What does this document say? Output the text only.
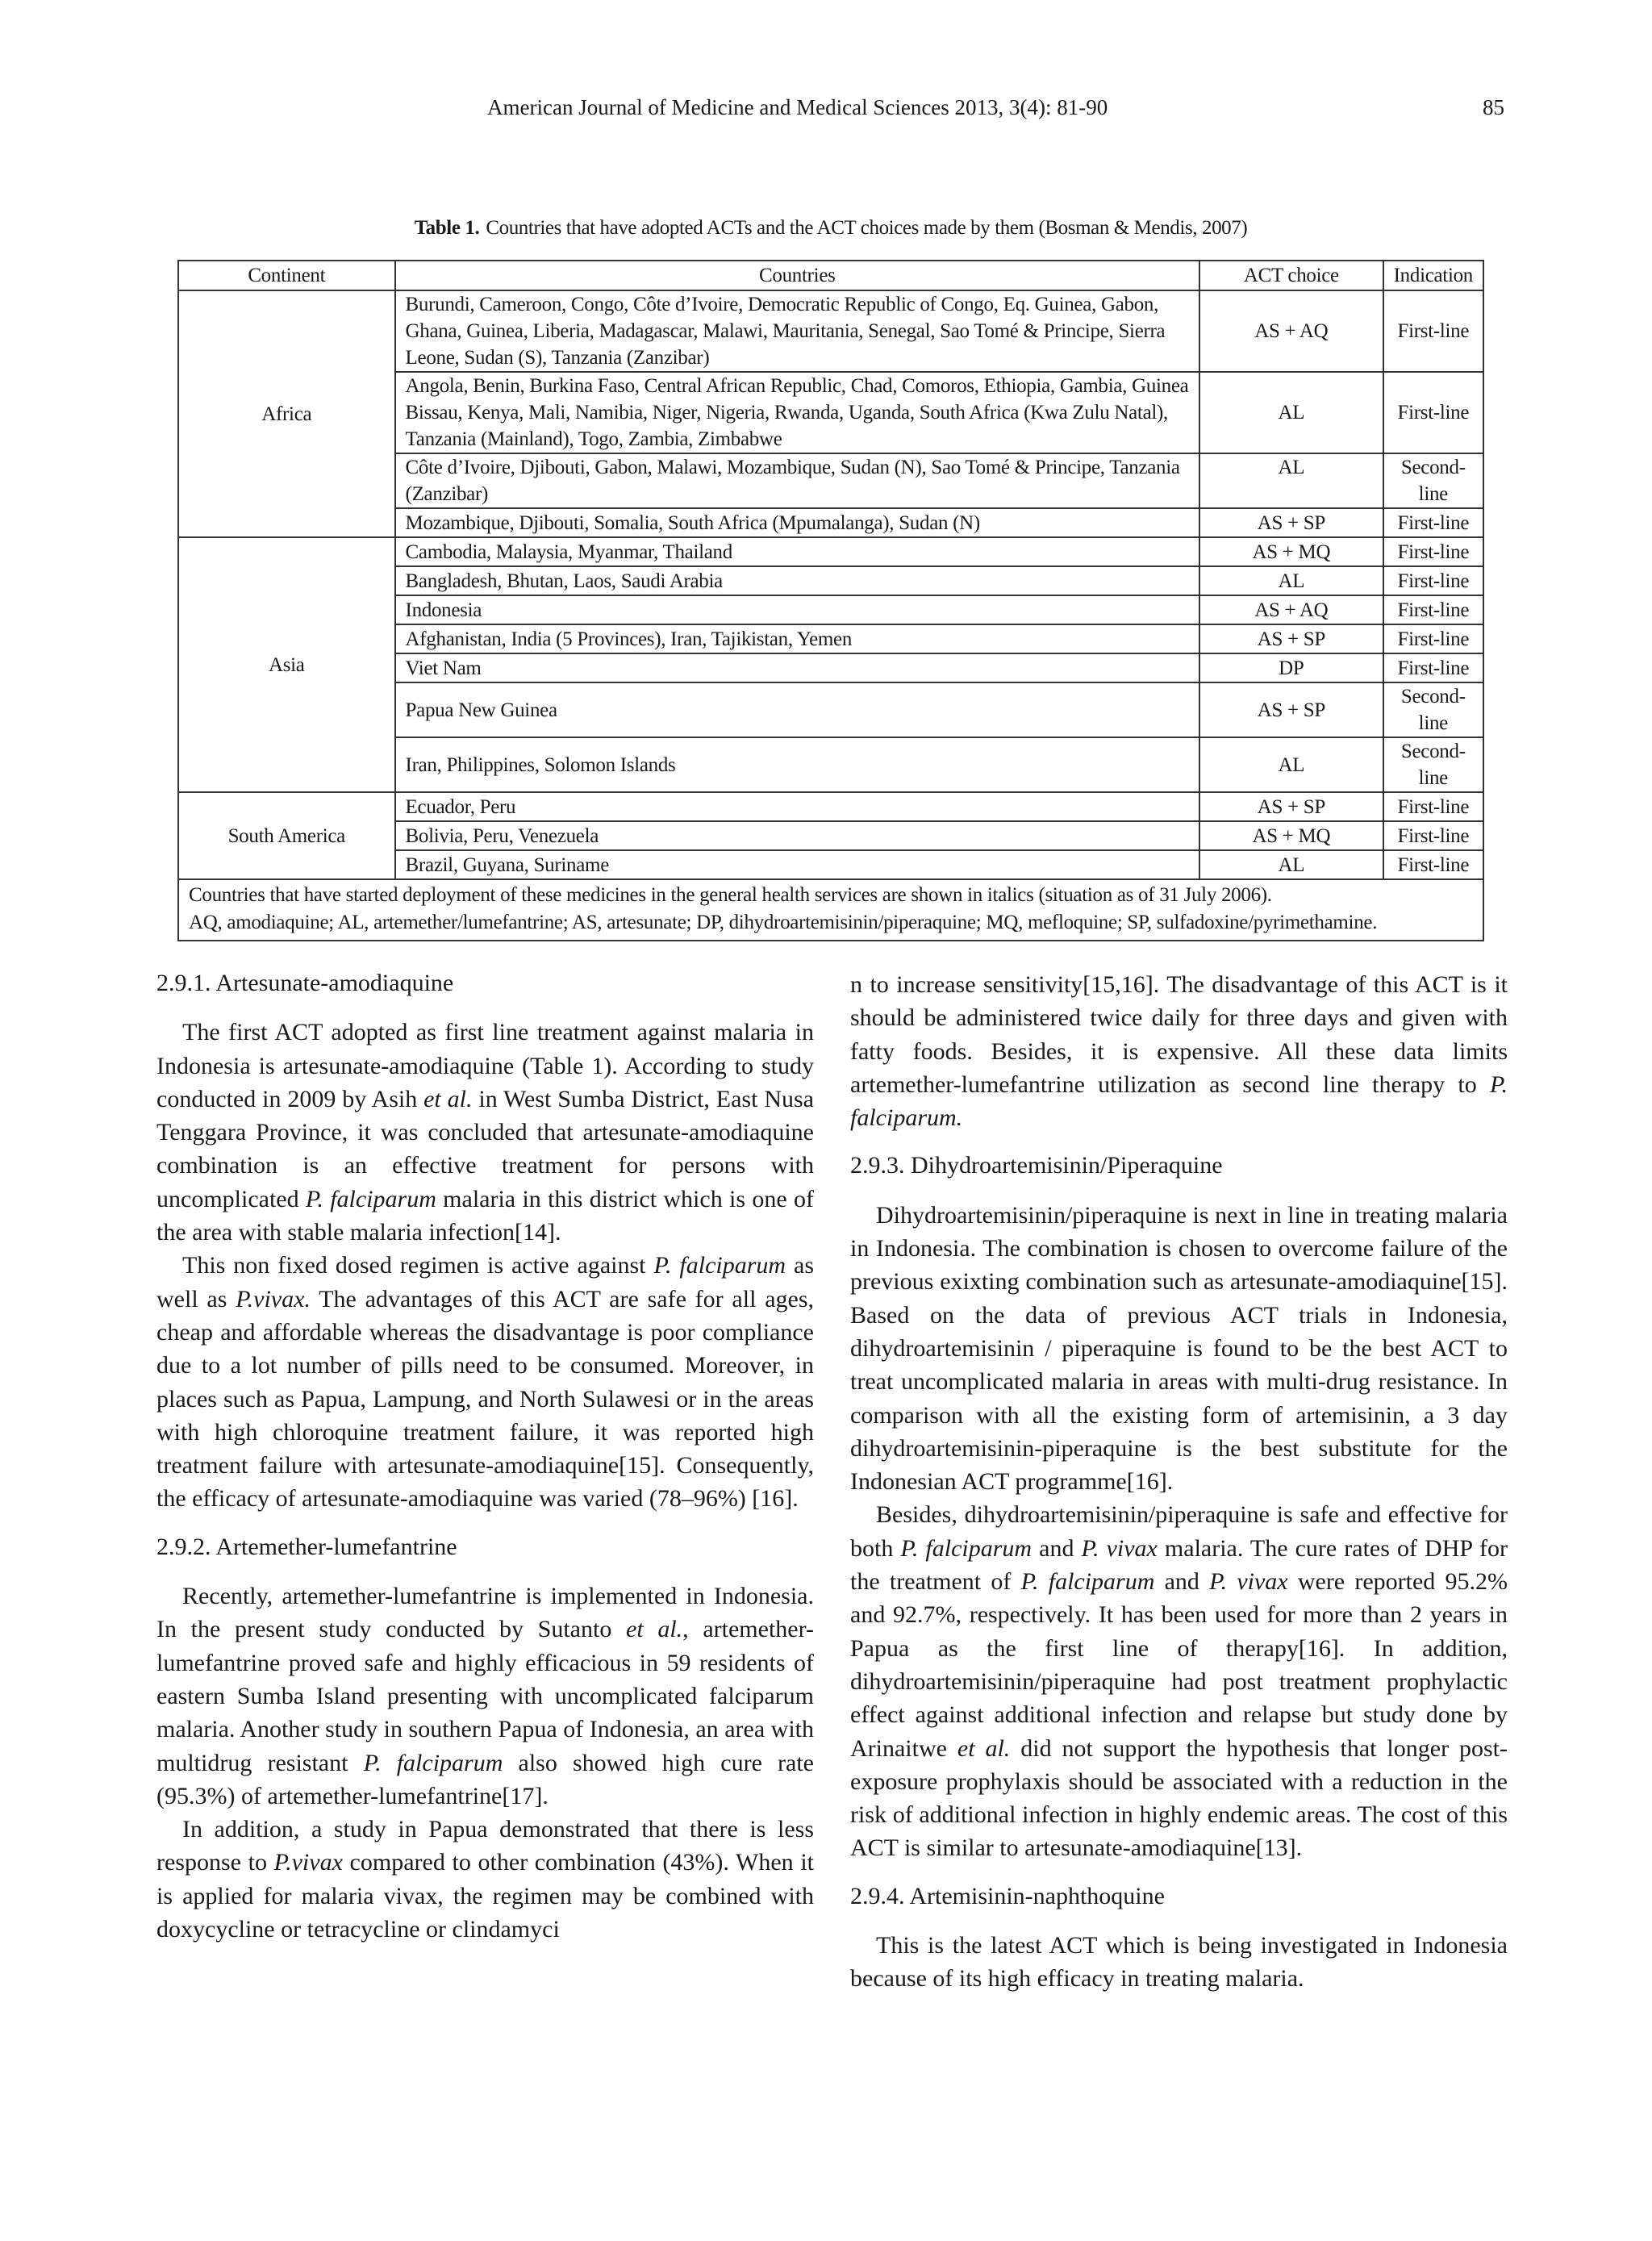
American Journal of Medicine and Medical Sciences 2013, 3(4): 81-90	85
Table 1. Countries that have adopted ACTs and the ACT choices made by them (Bosman & Mendis, 2007)
Continent	Countries	ACT choice	Indication
Africa	Burundi, Cameroon, Congo, Côte d’Ivoire, Democratic Republic of Congo, Eq. Guinea, Gabon, Ghana, Guinea, Liberia, Madagascar, Malawi, Mauritania, Senegal, Sao Tomé & Principe, Sierra Leone, Sudan (S), Tanzania (Zanzibar)	AS + AQ	First-line
	Angola, Benin, Burkina Faso, Central African Republic, Chad, Comoros, Ethiopia, Gambia, Guinea Bissau, Kenya, Mali, Namibia, Niger, Nigeria, Rwanda, Uganda, South Africa (Kwa Zulu Natal), Tanzania (Mainland), Togo, Zambia, Zimbabwe	AL	First-line
	Côte d’Ivoire, Djibouti, Gabon, Malawi, Mozambique, Sudan (N), Sao Tomé & Principe, Tanzania (Zanzibar)	AL	Second-line
	Mozambique, Djibouti, Somalia, South Africa (Mpumalanga), Sudan (N)	AS + SP	First-line
Asia	Cambodia, Malaysia, Myanmar, Thailand	AS + MQ	First-line
	Bangladesh, Bhutan, Laos, Saudi Arabia	AL	First-line
	Indonesia	AS + AQ	First-line
	Afghanistan, India (5 Provinces), Iran, Tajikistan, Yemen	AS + SP	First-line
	Viet Nam	DP	First-line
	Papua New Guinea	AS + SP	Second-line
	Iran, Philippines, Solomon Islands	AL	Second-line
South America	Ecuador, Peru	AS + SP	First-line
	Bolivia, Peru, Venezuela	AS + MQ	First-line
	Brazil, Guyana, Suriname	AL	First-line

Countries that have started deployment of these medicines in the general health services are shown in italics (situation as of 31 July 2006).
AQ, amodiaquine; AL, artemether/lumefantrine; AS, artesunate; DP, dihydroartemisinin/piperaquine; MQ, mefloquine; SP, sulfadoxine/pyrimethamine.			
2.9.1. Artesunate-amodiaquine

The first ACT adopted as first line treatment against malaria in Indonesia is artesunate-amodiaquine (Table 1). According to study conducted in 2009 by Asih et al. in West Sumba District, East Nusa Tenggara Province, it was concluded that artesunate-amodiaquine combination is an effective treatment for persons with uncomplicated P. falciparum malaria in this district which is one of the area with stable malaria infection[14].

This non fixed dosed regimen is active against P. falciparum as well as P.vivax. The advantages of this ACT are safe for all ages, cheap and affordable whereas the disadvantage is poor compliance due to a lot number of pills need to be consumed. Moreover, in places such as Papua, Lampung, and North Sulawesi or in the areas with high chloroquine treatment failure, it was reported high treatment failure with artesunate-amodiaquine[15]. Consequently, the efficacy of artesunate-amodiaquine was varied (78–96%) [16].

2.9.2. Artemether-lumefantrine

Recently, artemether-lumefantrine is implemented in Indonesia. In the present study conducted by Sutanto et al., artemether-lumefantrine proved safe and highly efficacious in 59 residents of eastern Sumba Island presenting with uncomplicated falciparum malaria. Another study in southern Papua of Indonesia, an area with multidrug resistant P. falciparum also showed high cure rate (95.3%) of artemether-lumefantrine[17].

In addition, a study in Papua demonstrated that there is less response to P.vivax compared to other combination (43%). When it is applied for malaria vivax, the regimen may be combined with doxycycline or tetracycline or clindamyci

n to increase sensitivity[15,16]. The disadvantage of this ACT is it should be administered twice daily for three days and given with fatty foods. Besides, it is expensive. All these data limits artemether-lumefantrine utilization as second line therapy to P. falciparum.

2.9.3. Dihydroartemisinin/Piperaquine

Dihydroartemisinin/piperaquine is next in line in treating malaria in Indonesia. The combination is chosen to overcome failure of the previous exixting combination such as artesunate-amodiaquine[15]. Based on the data of previous ACT trials in Indonesia, dihydroartemisinin / piperaquine is found to be the best ACT to treat uncomplicated malaria in areas with multi-drug resistance. In comparison with all the existing form of artemisinin, a 3 day dihydroartemisinin-piperaquine is the best substitute for the Indonesian ACT programme[16].

Besides, dihydroartemisinin/piperaquine is safe and effective for both P. falciparum and P. vivax malaria. The cure rates of DHP for the treatment of P. falciparum and P. vivax were reported 95.2% and 92.7%, respectively. It has been used for more than 2 years in Papua as the first line of therapy[16]. In addition, dihydroartemisinin/piperaquine had post treatment prophylactic effect against additional infection and relapse but study done by Arinaitwe et al. did not support the hypothesis that longer post-exposure prophylaxis should be associated with a reduction in the risk of additional infection in highly endemic areas. The cost of this ACT is similar to artesunate-amodiaquine[13].

2.9.4. Artemisinin-naphthoquine

This is the latest ACT which is being investigated in Indonesia because of its high efficacy in treating malaria.
